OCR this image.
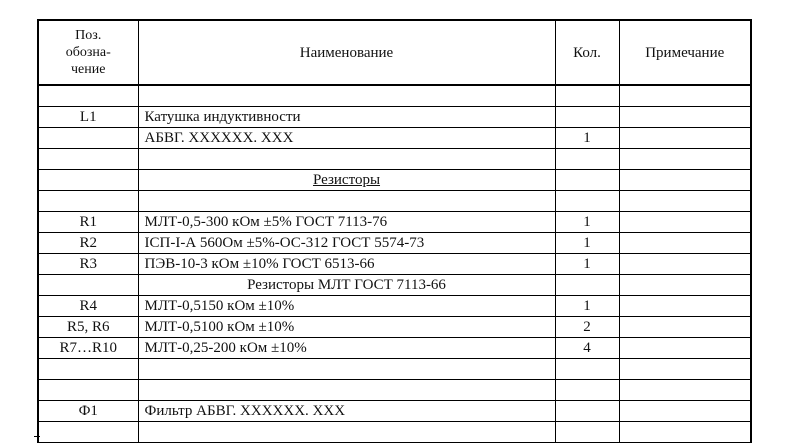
Поз.
обозна-
чение	Наименование	Кол.	Примечание

L1	Катушка индуктивности		
	АБВГ. ХХХХХХ. ХХХ	1	

	Резисторы		

R1	МЛТ-0,5-300 кОм ±5% ГОСТ 7113-76	1	
R2	IСП-I-А 560Ом ±5%-ОС-312 ГОСТ 5574-73	1	
R3	ПЭВ-10-3 кОм ±10% ГОСТ 6513-66	1	
	Резисторы МЛТ ГОСТ 7113-66		
R4	МЛТ-0,5150 кОм ±10%	1	
R5, R6	МЛТ-0,5100 кОм ±10%	2	
R7…R10	МЛТ-0,25-200 кОм ±10%	4	

Ф1	Фильтр АБВГ. ХХХХХХ. ХХХ		
